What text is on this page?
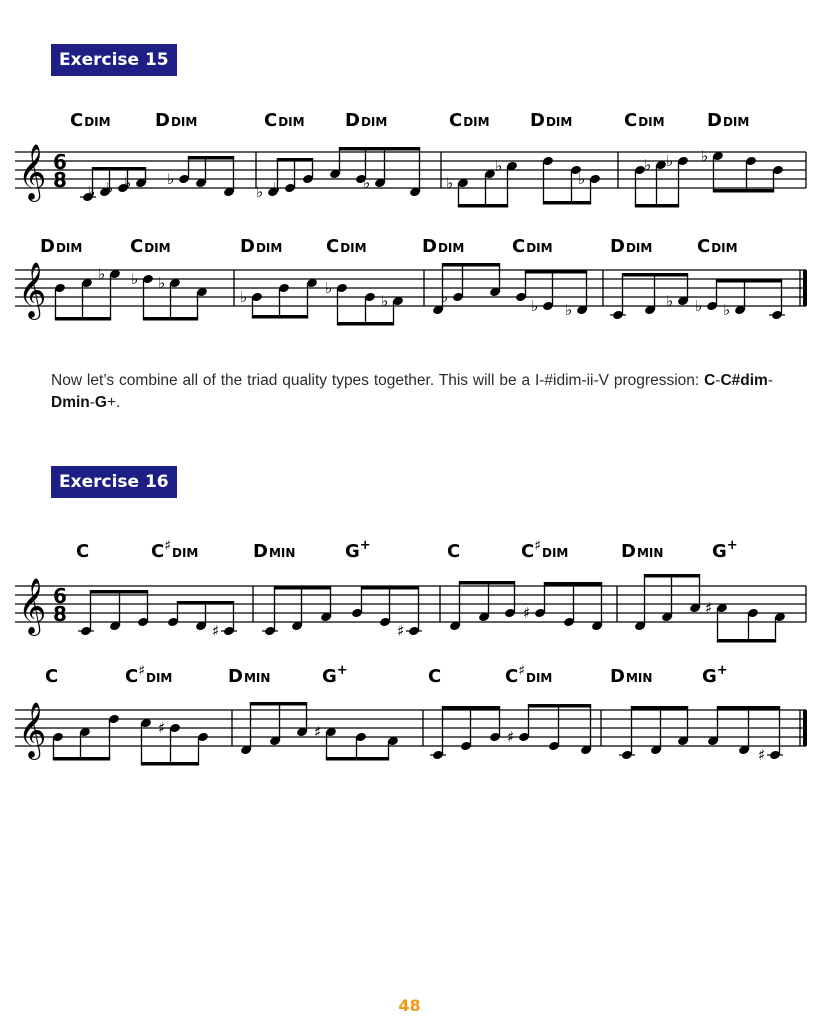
Exercise 15
CDIM DDIM	CDIM DDIM	CDIM DDIM	CDIM DDIM
𝄞 6
8 ♭ ♭ ♭ ♭
♭ ♭	♭	♭
♭
♭
♭ ♭ ♭
DDIM	CDIM	DDIM CDIM	DDIM	CDIM	DDIM CDIM
𝄞	♭ ♭ ♭
♭	♭
♭	♭	♭ ♭	♭ ♭ ♭
Now let’s combine all of the triad quality types together. This will be a I-#idim-ii-V progression: C-C#dim-Dmin-G+.
Exercise 16
C	$C♯_{DIM}$	DMIN	G+	C	$C♯_{DIM}$	DMIN	G+
𝄞 6
8
♯	♯
♯	♯
C	$C♯_{DIM}$	DMIN	G+	C	$C♯_{DIM}$	DMIN	G+
𝄞	♯	♯	♯
♯
48
